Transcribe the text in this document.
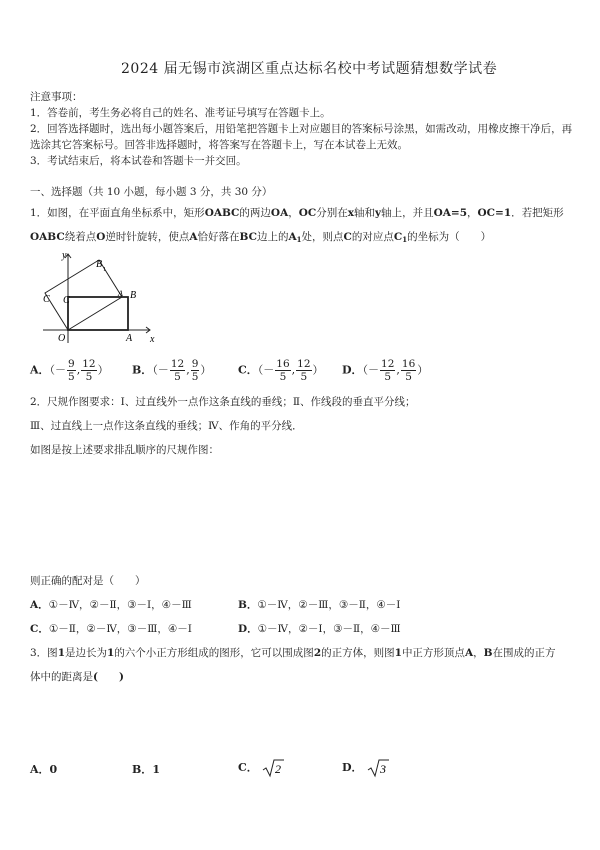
2024 届无锡市滨湖区重点达标名校中考试题猜想数学试卷
注意事项：
1．答卷前，考生务必将自己的姓名、准考证号填写在答题卡上。
2．回答选择题时，选出每小题答案后，用铅笔把答题卡上对应题目的答案标号涂黑，如需改动，用橡皮擦干净后，再
选涂其它答案标号。回答非选择题时，将答案写在答题卡上，写在本试卷上无效。
3．考试结束后，将本试卷和答题卡一并交回。
一、选择题（共 10 小题，每小题 3 分，共 30 分）
1．如图，在平面直角坐标系中，矩形OABC的两边OA，OC分别在x轴和y轴上，并且OA=5，OC=1．若把矩形
OABC绕着点O逆时针旋转，使点A恰好落在BC边上的$A_1$处，则点C的对应点$C_1$的坐标为（　　）
y
x
O	A
B
C
C
B 1
A
A．（－ $\frac{9}{5}$ , $\frac{12}{5}$ ） B．（－ $\frac{12}{5}$ , $\frac{9}{5}$ ） C．（－ $\frac{16}{5}$ , $\frac{12}{5}$ ） D．（－ $\frac{12}{5}$ , $\frac{16}{5}$ ）
2．尺规作图要求：Ⅰ、过直线外一点作这条直线的垂线；Ⅱ、作线段的垂直平分线；
Ⅲ、过直线上一点作这条直线的垂线；Ⅳ、作角的平分线．
如图是按上述要求排乱顺序的尺规作图：
则正确的配对是（　　）
A．①－Ⅳ，②－Ⅱ，③－Ⅰ，④－Ⅲ	B．①－Ⅳ，②－Ⅲ，③－Ⅱ，④－Ⅰ
C．①－Ⅱ，②－Ⅳ，③－Ⅲ，④－Ⅰ	D．①－Ⅳ，②－Ⅰ，③－Ⅱ，④－Ⅲ
3．图1是边长为1的六个小正方形组成的图形，它可以围成图2的正方体，则图1中正方形顶点A，B在围成的正方
体中的距离是(　　)
A．0	B．1	C． 2	D． 3
